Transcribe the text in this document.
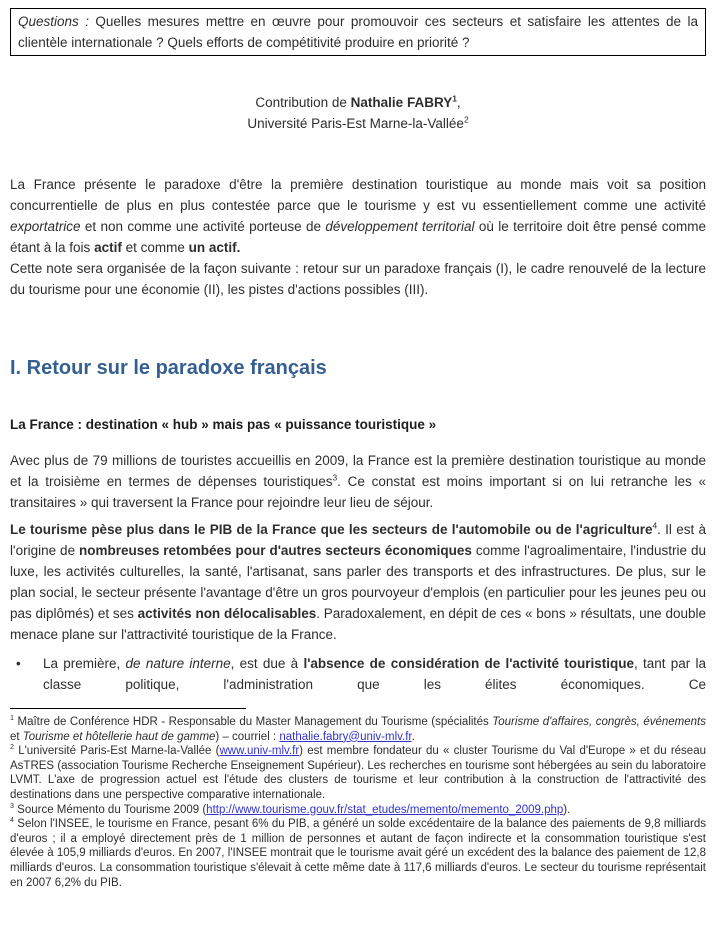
Questions : Quelles mesures mettre en œuvre pour promouvoir ces secteurs et satisfaire les attentes de la clientèle internationale ? Quels efforts de compétitivité produire en priorité ?

Contribution de Nathalie FABRY$^1$,

Université Paris-Est Marne-la-Vallée$^2$

La France présente le paradoxe d'être la première destination touristique au monde mais voit sa position concurrentielle de plus en plus contestée parce que le tourisme y est vu essentiellement comme une activité exportatrice et non comme une activité porteuse de développement territorial où le territoire doit être pensé comme étant à la fois actif et comme un actif.

Cette note sera organisée de la façon suivante : retour sur un paradoxe français (I), le cadre renouvelé de la lecture du tourisme pour une économie (II), les pistes d'actions possibles (III).

I. Retour sur le paradoxe français
La France : destination « hub » mais pas « puissance touristique »

Avec plus de 79 millions de touristes accueillis en 2009, la France est la première destination touristique au monde et la troisième en termes de dépenses touristiques$^3$. Ce constat est moins important si on lui retranche les « transitaires » qui traversent la France pour rejoindre leur lieu de séjour.

Le tourisme pèse plus dans le PIB de la France que les secteurs de l'automobile ou de l'agriculture$^4$. Il est à l'origine de nombreuses retombées pour d'autres secteurs économiques comme l'agroalimentaire, l'industrie du luxe, les activités culturelles, la santé, l'artisanat, sans parler des transports et des infrastructures. De plus, sur le plan social, le secteur présente l'avantage d'être un gros pourvoyeur d'emplois (en particulier pour les jeunes peu ou pas diplômés) et ses activités non délocalisables. Paradoxalement, en dépit de ces « bons » résultats, une double menace plane sur l'attractivité touristique de la France.

• La première, de nature interne, est due à l'absence de considération de l'activité touristique, tant par la classe politique, l'administration que les élites économiques. Ce

$^1$ Maître de Conférence HDR - Responsable du Master Management du Tourisme (spécialités Tourisme d'affaires, congrès, événements et Tourisme et hôtellerie haut de gamme) – courriel : nathalie.fabry@univ-mlv.fr.

$^2$ L'université Paris-Est Marne-la-Vallée (www.univ-mlv.fr) est membre fondateur du « cluster Tourisme du Val d'Europe » et du réseau AsTRES (association Tourisme Recherche Enseignement Supérieur). Les recherches en tourisme sont hébergées au sein du laboratoire LVMT. L'axe de progression actuel est l'étude des clusters de tourisme et leur contribution à la construction de l'attractivité des destinations dans une perspective comparative internationale.

$^3$ Source Mémento du Tourisme 2009 (http://www.tourisme.gouv.fr/stat_etudes/memento/memento_2009.php).

$^4$ Selon l'INSEE, le tourisme en France, pesant 6% du PIB, a généré un solde excédentaire de la balance des paiements de 9,8 milliards d'euros ; il a employé directement près de 1 million de personnes et autant de façon indirecte et la consommation touristique s'est élevée à 105,9 milliards d'euros. En 2007, l'INSEE montrait que le tourisme avait géré un excédent des la balance des paiement de 12,8 milliards d'euros. La consommation touristique s'élevait à cette même date à 117,6 milliards d'euros. Le secteur du tourisme représentait en 2007 6,2% du PIB.
